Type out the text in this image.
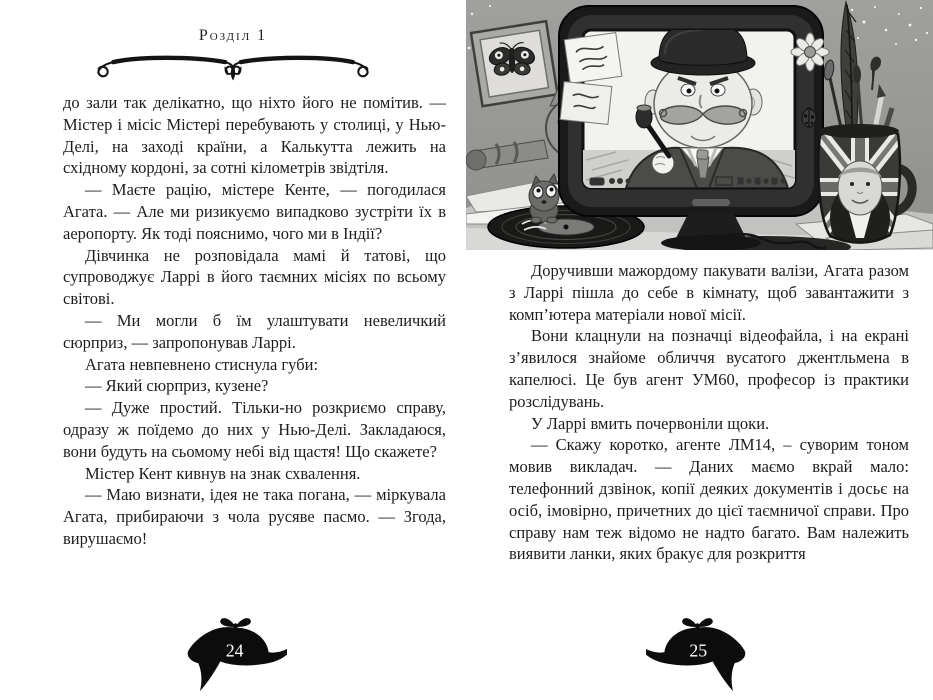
Розділ 1

до зали так делікатно, що ніхто його не помітив. — Містер і місіс Містері перебувають у столиці, у Нью-Делі, на заході країни, а Калькутта лежить на східному кордоні, за сотні кілометрів звідтіля.

— Маєте рацію, містере Кенте, — погодилася Агата. — Але ми ризикуємо випадково зустріти їх в аеропорту. Як тоді пояснимо, чого ми в Індії?

Дівчинка не розповідала мамі й татові, що супроводжує Ларрі в його таємних місіях по всьому світові.

— Ми могли б їм улаштувати невеличкий сюрприз, — запропонував Ларрі.

Агата невпевнено стиснула губи:

— Який сюрприз, кузене?

— Дуже простий. Тільки-но розкриємо справу, одразу ж поїдемо до них у Нью-Делі. Закладаюся, вони будуть на сьомому небі від щастя! Що скажете?

Містер Кент кивнув на знак схвалення.

— Маю визнати, ідея не така погана, — міркувала Агата, прибираючи з чола русяве пасмо. — Згода, вирушаємо!

24

Доручивши мажордому пакувати валізи, Агата разом з Ларрі пішла до себе в кімнату, щоб завантажити з комп’ютера матеріали нової місії.

Вони клацнули на позначці відеофайла, і на екрані з’явилося знайоме обличчя вусатого джентльмена в капелюсі. Це був агент УМ60, професор із практики розслідувань.

У Ларрі вмить почервоніли щоки.

— Скажу коротко, агенте ЛМ14, – суворим тоном мовив викладач. — Даних маємо вкрай мало: телефонний дзвінок, копії деяких документів і досьє на осіб, імовірно, причетних до цієї таємничої справи. Про справу нам теж відомо не надто багато. Вам належить виявити ланки, яких бракує для розкриття

25
